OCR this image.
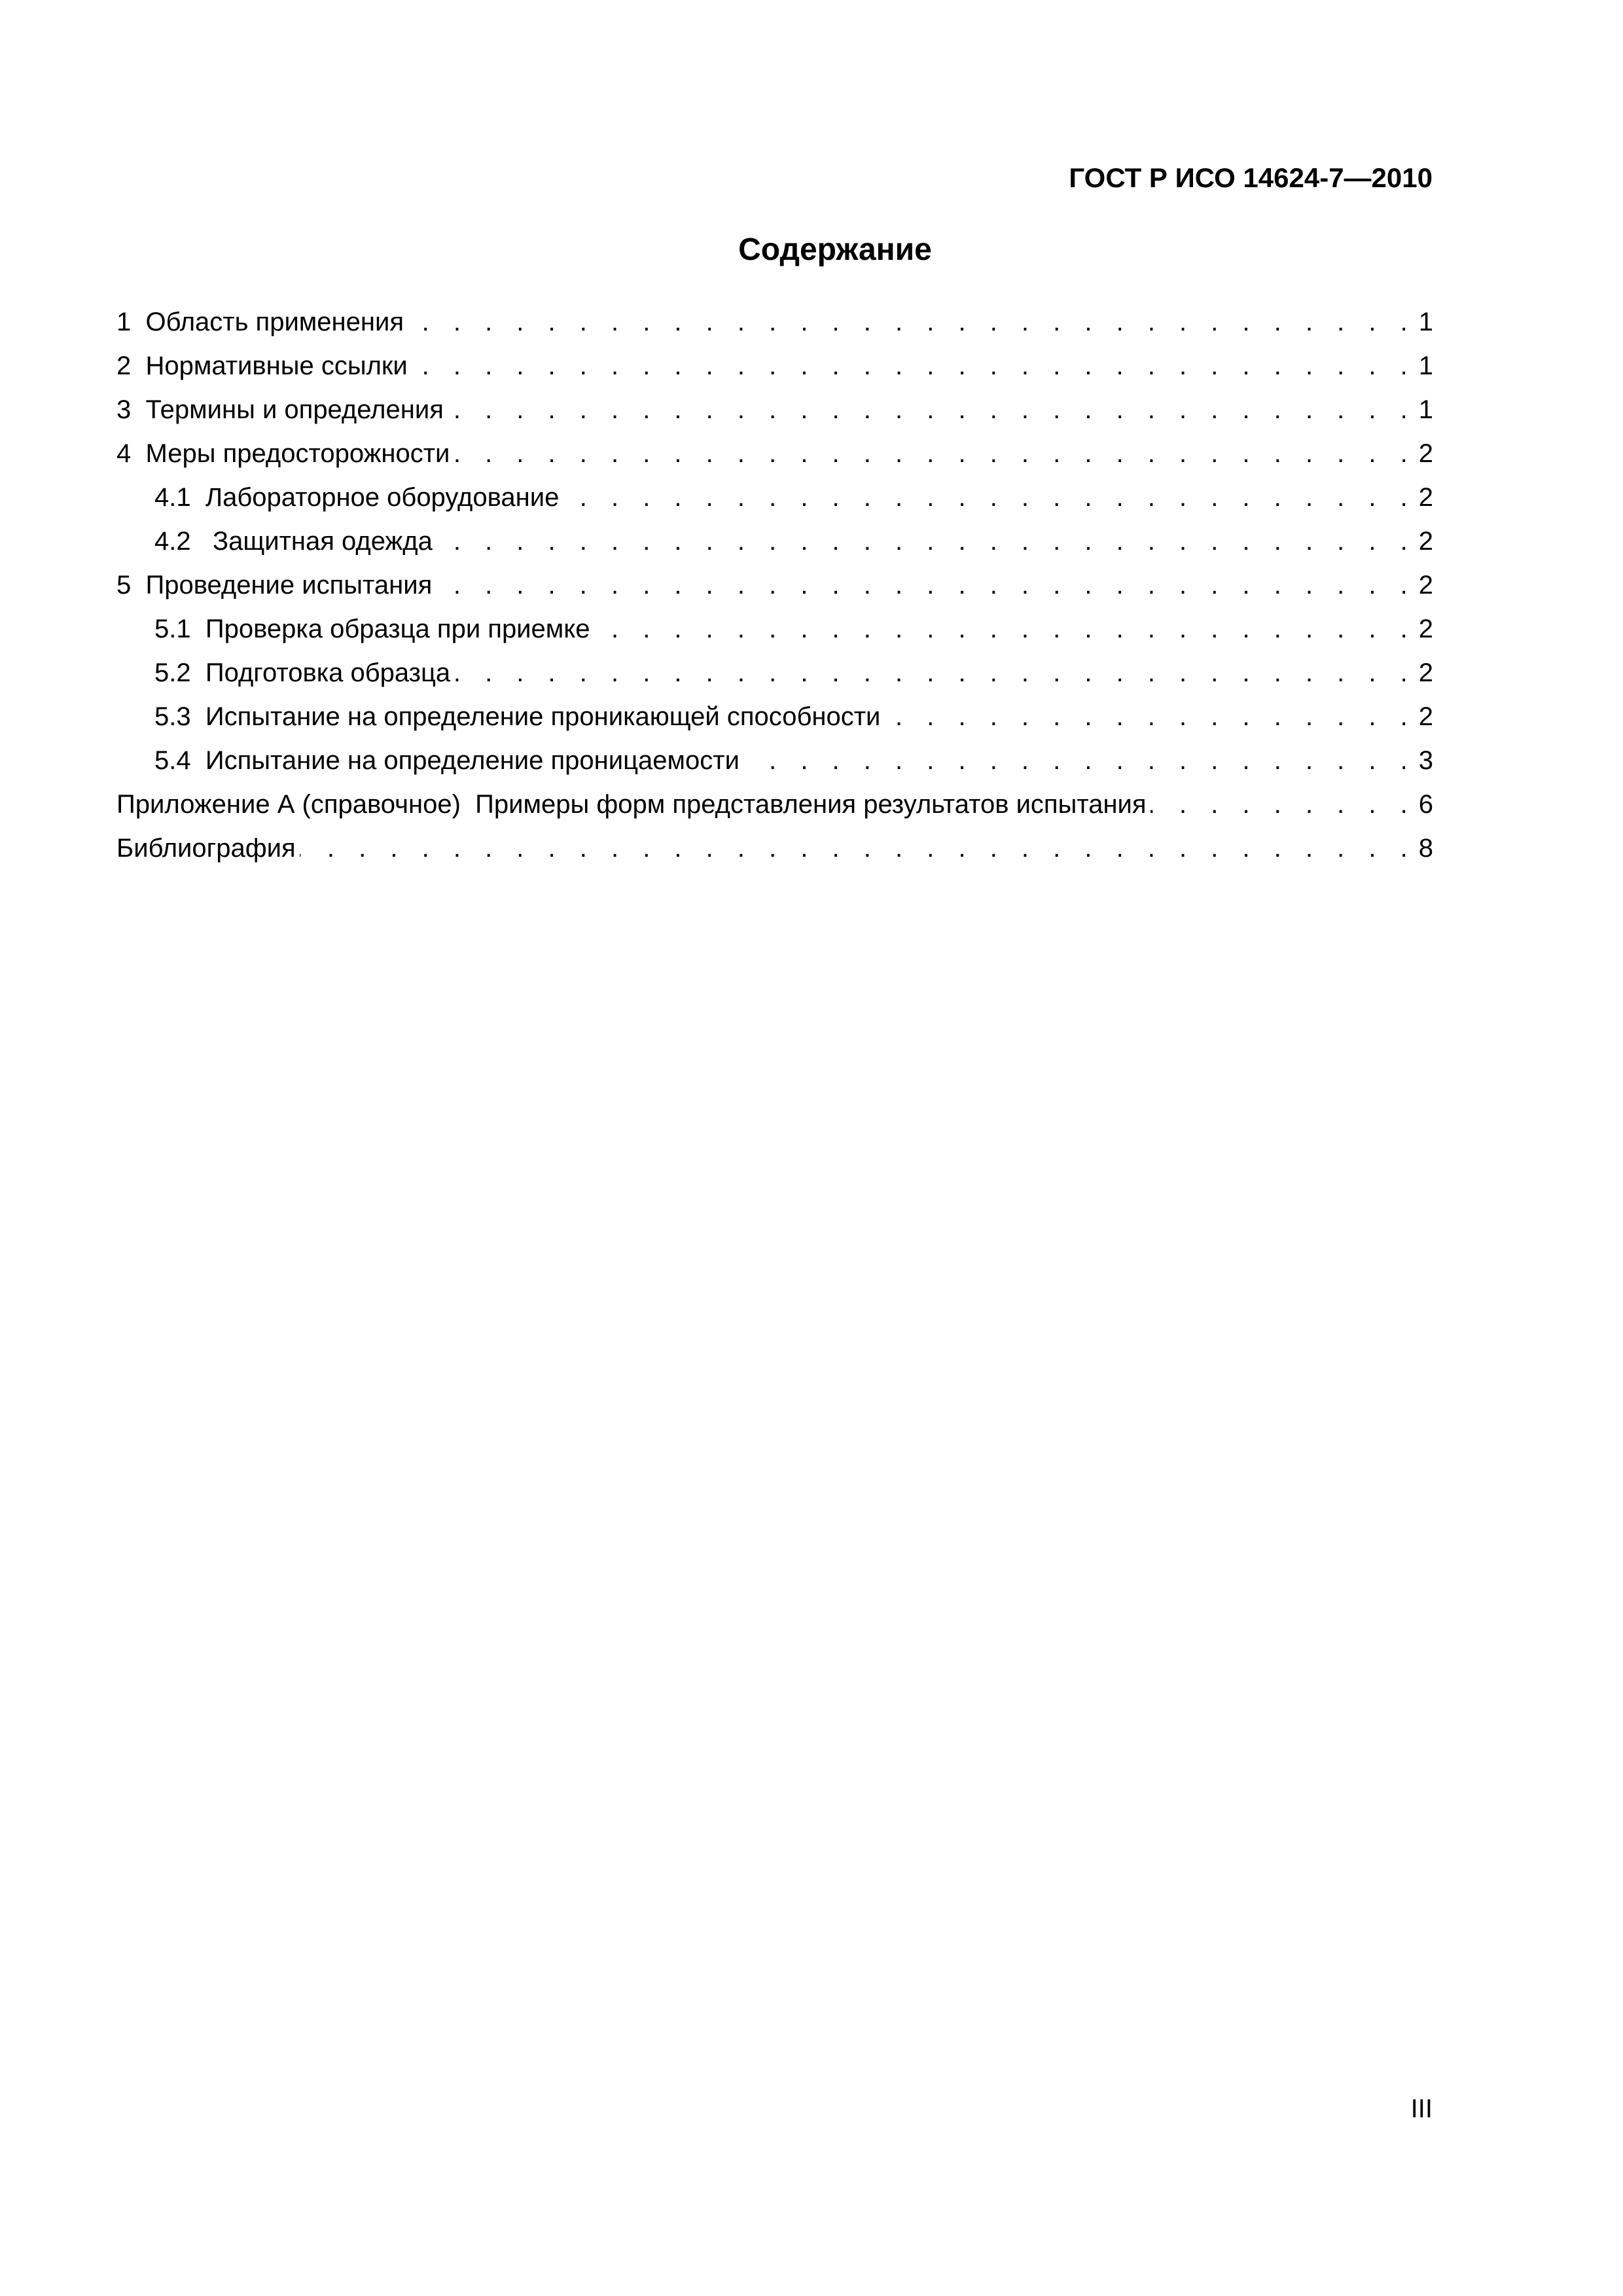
ГОСТ Р ИСО 14624-7—2010
Содержание
1  Область применения . . .	1
2  Нормативные ссылки . . .	1
3  Термины и определения . . .	1
4  Меры предосторожности . . .	2
4.1  Лабораторное оборудование . . .	2
4.2   Защитная одежда . . .	2
5  Проведение испытания . . .	2
5.1  Проверка образца при приемке . . .	2
5.2  Подготовка образца . . .	2
5.3  Испытание на определение проникающей способности . . .	2
5.4  Испытание на определение проницаемости . . .	3
Приложение А (справочное)  Примеры форм представления результатов испытания . . .	6
Библиография . . .	8
III
